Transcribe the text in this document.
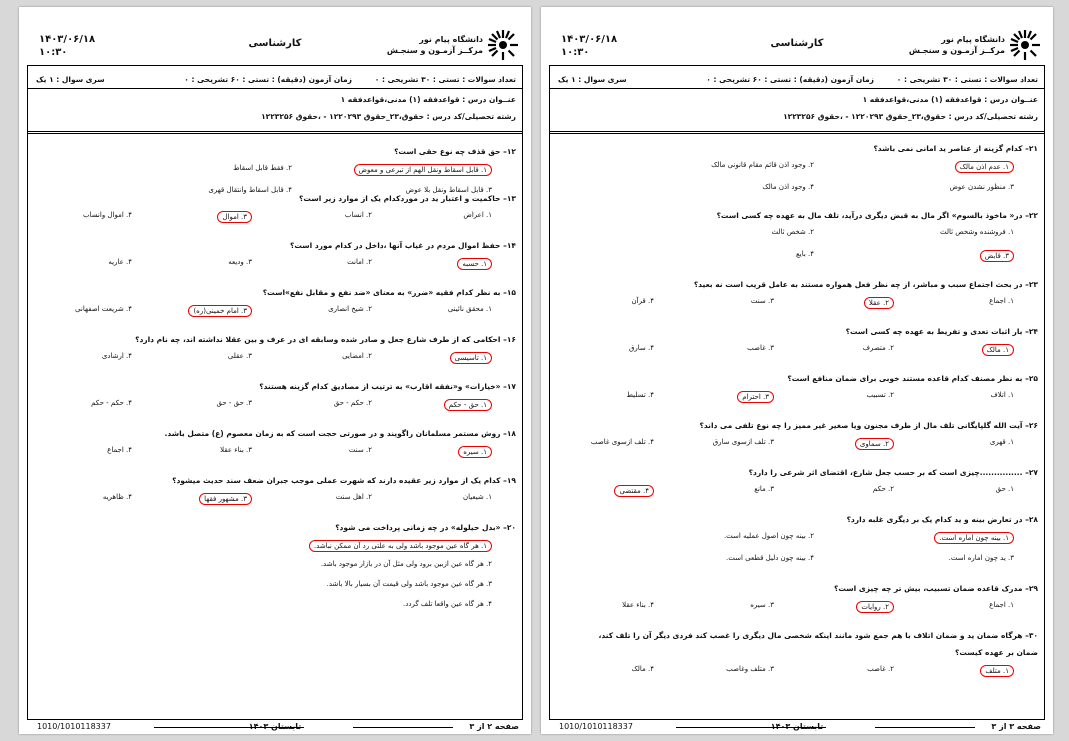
۱۴۰۳/۰۶/۱۸
۱۰:۳۰
کارشناسی	دانشگاه پیام نور
مرکــز آزمـون و سنجـش
تعداد سوالات : تستی : ۳۰ تشریحی : ۰
زمان آزمون (دقیقه) : تستی : ۶۰ تشریحی : ۰
سری سوال : ۱ یک
عنــوان درس : قواعدفقه (۱) مدنی،قواعدفقه ۱
رشته تحصیلی/کد درس : حقوق،۲۳_حقوق ۱۲۲۰۲۹۳ - ،حقوق ۱۲۲۳۲۵۶
۱۲– حق قذف چه نوع حقی است؟
۱. قابل اسقاط ونقل الهم از تبرعی و معوض
۲. فقط قابل اسقاط
۳. قابل اسقاط ونقل بلا عوض
۴. قابل اسقاط وانتقال قهری
۱۳– حاکمیت و اعتبار ید در موردکدام یک از موارد زیر است؟
۱. اعراض
۲. انساب
۳. اموال
۴. اموال وانساب
۱۴– حفظ اموال مردم در غیاب آنها ،داخل در کدام مورد است؟
۱. حسبه
۲. امانت
۳. ودیعه
۴. عاریه
۱۵– به نظر کدام فقیه «ضرر» به معنای «ضد نفع و مقابل نفع»است؟
۱. محقق نائینی
۲. شیخ انصاری
۳. امام خمینی(ره)
۴. شریعت اصفهانی
۱۶– احکامی که از طرف شارع جعل و صادر شده وسابقه ای در عرف و بین عقلا نداشته اند، چه نام دارد؟
۱. تاسیسی
۲. امضایی
۳. عقلی
۴. ارشادی
۱۷– «خیارات» و«نفقه اقارب» به ترتیب از مصادیق کدام گزینه هستند؟
۱. حق - حکم
۲. حکم - حق
۳. حق - حق
۴. حکم - حکم
۱۸– روش مستمر مسلمانان راگویند و در صورتی حجت است که به زمان معصوم (ع) متصل باشد.
۱. سیره
۲. سنت
۳. بناء عقلا
۴. اجماع
۱۹– کدام یک از موارد زیر عقیده دارند که شهرت عملی موجب جبران ضعف سند حدیث میشود؟
۱. شیعیان
۲. اهل سنت
۳. مشهور فقها
۴. ظاهریه
۲۰– «بدل حیلوله» در چه زمانی پرداخت می شود؟
۱. هر گاه عین موجود باشد ولی به علتی رد آن ممکن نباشد.
۲. هر گاه عین ازبین برود ولی مثل آن در بازار موجود باشد.
۳. هر گاه عین موجود باشد ولی قیمت آن بسیار بالا باشد.
۴. هر گاه عین واقعا تلف گردد.
صفحه ۲ از ۳
تابستان ۱۴۰۳
1010/1010118337
۱۴۰۳/۰۶/۱۸
۱۰:۳۰
کارشناسی	دانشگاه پیام نور
مرکــز آزمـون و سنجـش
تعداد سوالات : تستی : ۳۰ تشریحی : ۰
زمان آزمون (دقیقه) : تستی : ۶۰ تشریحی : ۰
سری سوال : ۱ یک
عنــوان درس : قواعدفقه (۱) مدنی،قواعدفقه ۱
رشته تحصیلی/کد درس : حقوق،۲۳_حقوق ۱۲۲۰۲۹۳ - ،حقوق ۱۲۲۳۲۵۶
۲۱– کدام گزینه از عناصر ید امانی نمی باشد؟
۱. عدم اذن مالک
۲. وجود اذن قائم مقام قانونی مالک
۳. منظور نشدن عوض
۴. وجود اذن مالک
۲۲– در« ماخوذ بالسوم» اگر مال به قبض دیگری درآید، تلف مال به عهده چه کسی است؟
۱. فروشنده وشخص ثالث
۲. شخص ثالث
۳. قابض
۴. بایع
۲۳– در بحث اجتماع سبب و مباشر، از چه نظر فعل همواره مستند به عامل قریب است نه بعید؟
۱. اجماع
۲. عقلا
۳. سنت
۴. قرآن
۲۴– بار اثبات تعدی و تفریط به عهده چه کسی است؟
۱. مالک
۲. متصرف
۳. غاصب
۴. سارق
۲۵– به نظر مصنف کدام قاعده مستند خوبی برای ضمان منافع است؟
۱. اتلاف
۲. تسبیب
۳. احترام
۴. تسلیط
۲۶– آیت الله گلپایگانی تلف مال از طرف مجنون ویا صغیر غیر ممیز را چه نوع تلفی می داند؟
۱. قهری
۲. سماوی
۳. تلف ازسوی سارق
۴. تلف ازسوی غاصب
۲۷– ...............چیزی است که بر حسب جعل شارع، اقتضای اثر شرعی را دارد؟
۱. حق
۲. حکم
۳. مانع
۴. مقتضی
۲۸– در تعارض بینه و ید کدام یک بر دیگری غلبه دارد؟
۱. بینه چون اماره است.
۲. بینه چون اصول عملیه است.
۳. ید چون اماره است.
۴. بینه چون دلیل قطعی است.
۲۹– مدرک قاعده ضمان تسبیب، بیش تر چه چیزی است؟
۱. اجماع
۲. روایات
۳. سیره
۴. بناء عقلا
۳۰– هرگاه ضمان ید و ضمان اتلاف با هم جمع شود مانند اینکه شخصی مال دیگری را غصب کند فردی دیگر آن را تلف کند،
ضمان بر عهده کیست؟
۱. متلف
۲. غاصب
۳. متلف وغاصب
۴. مالک
صفحه ۳ از ۳
تابستان ۱۴۰۳
1010/1010118337
